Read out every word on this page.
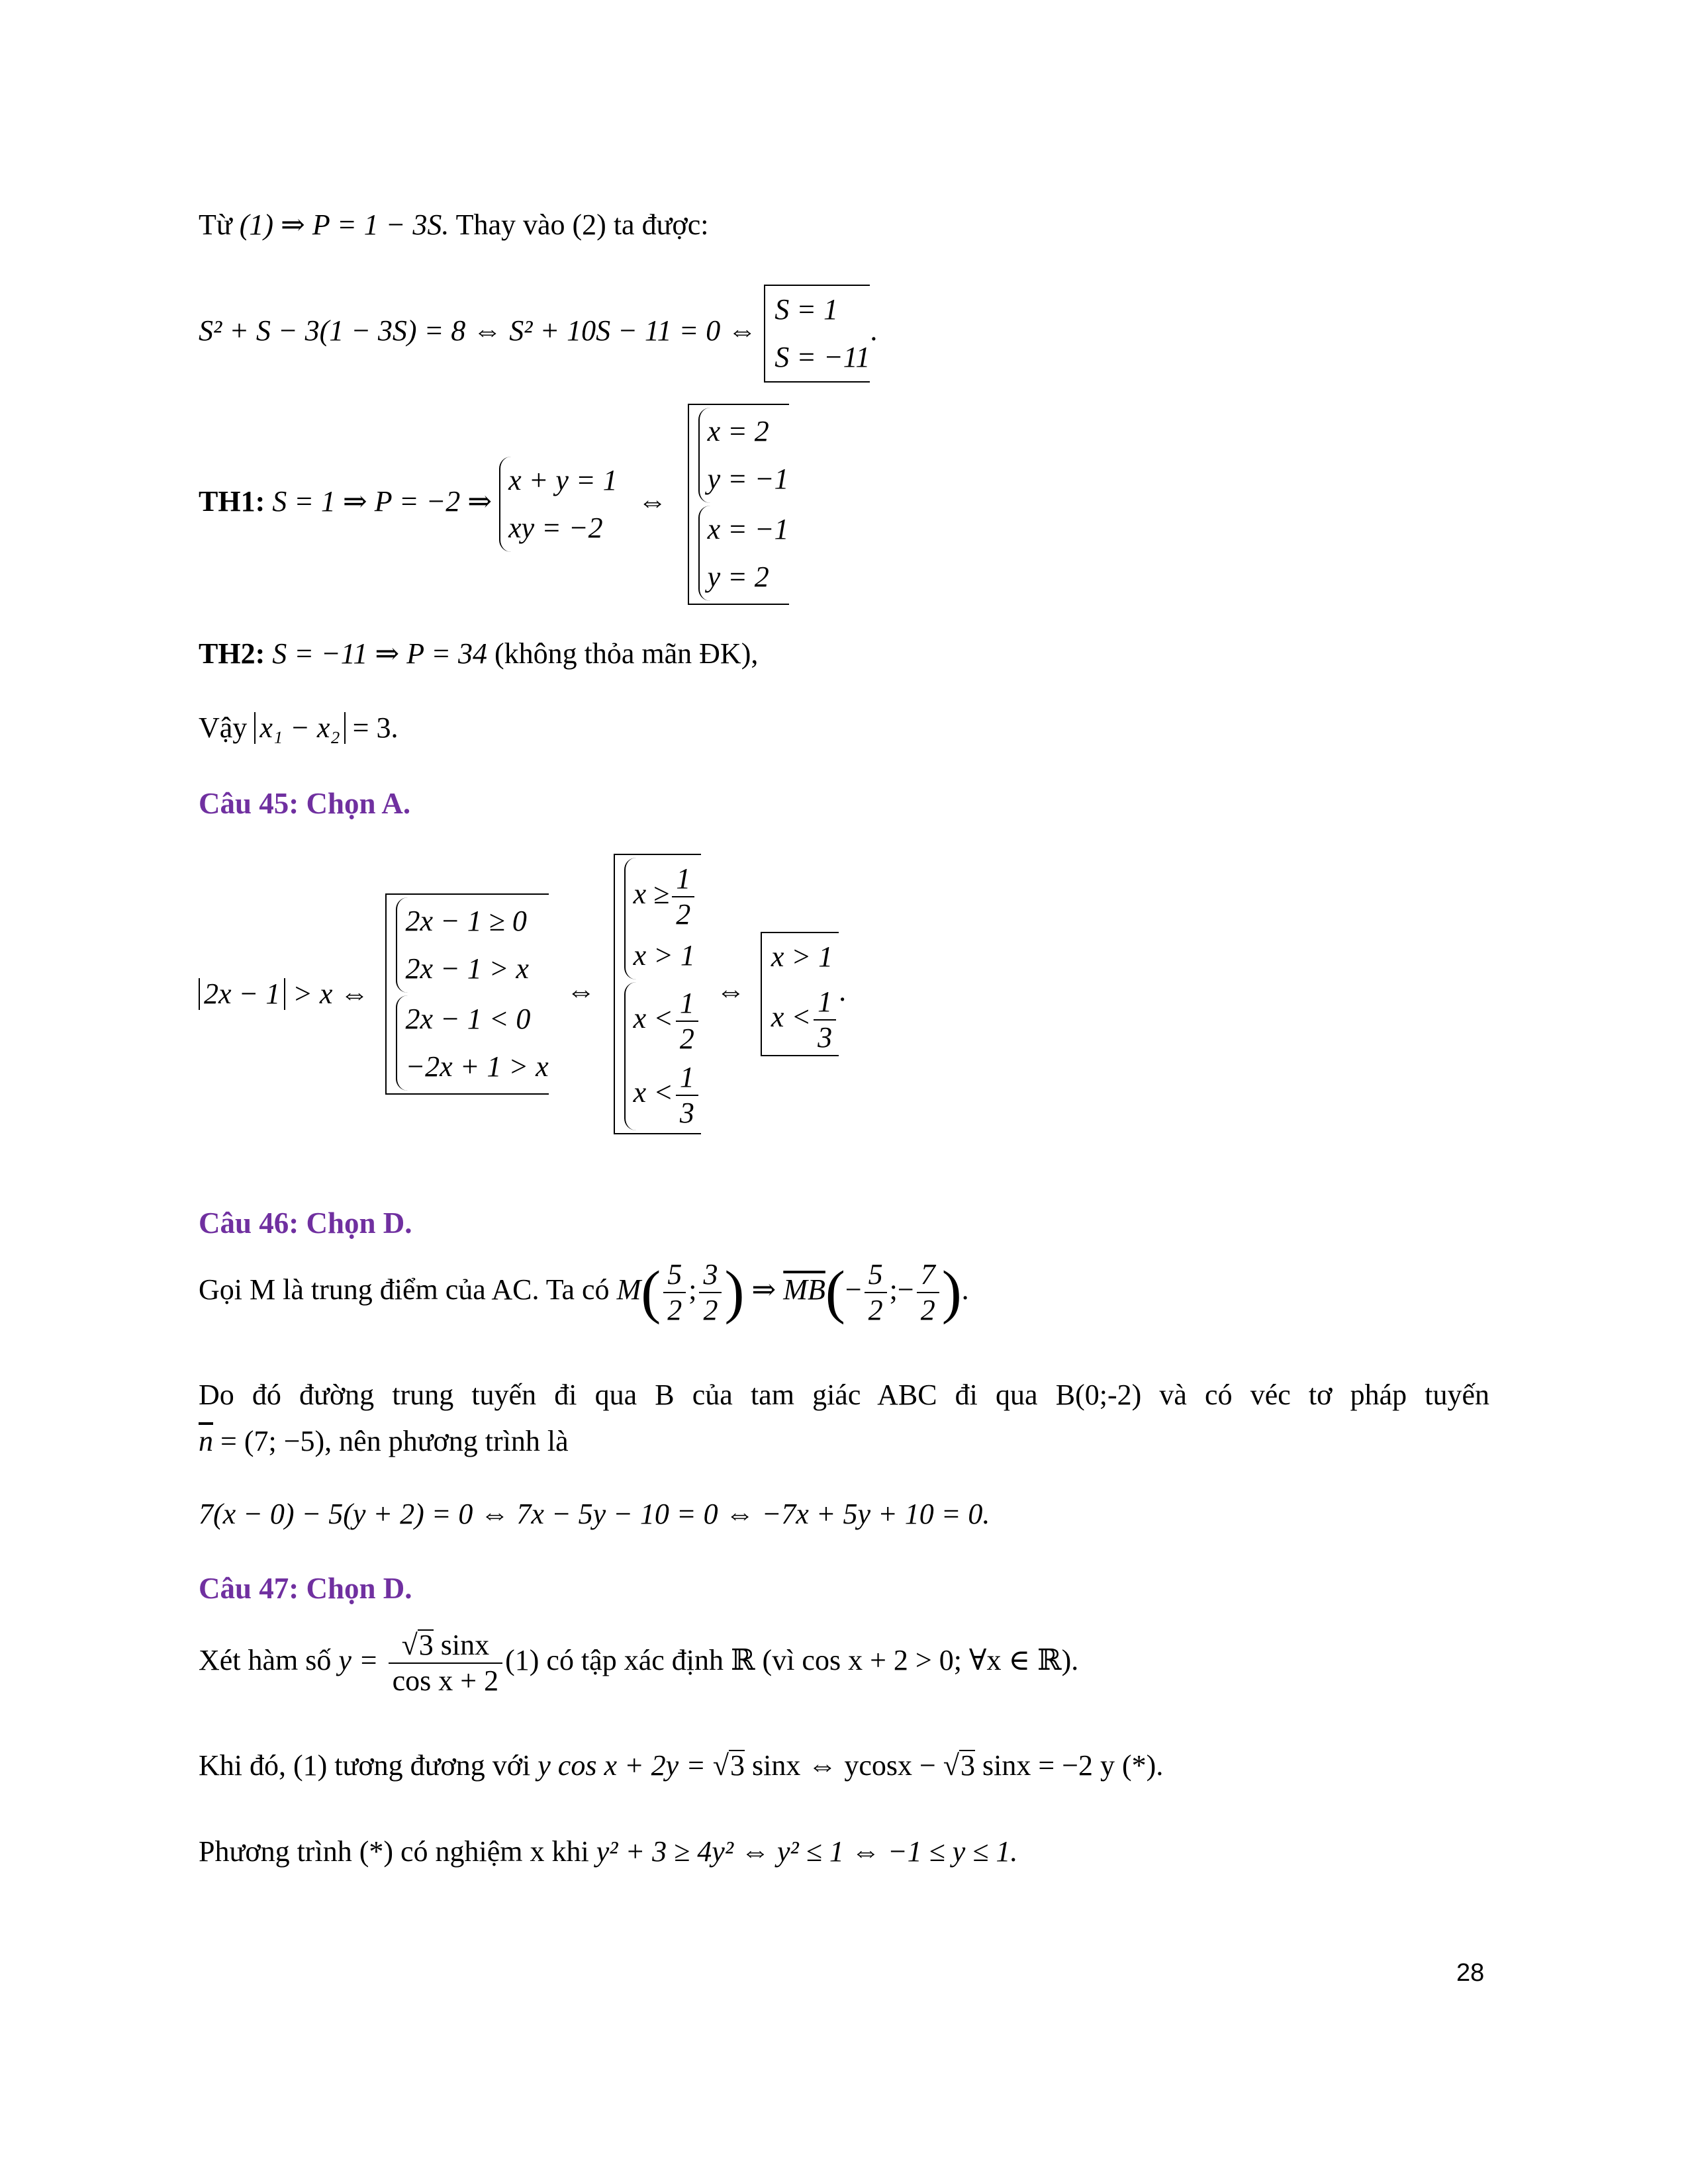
Từ (1) ⇒ P = 1 − 3S. Thay vào (2) ta được:
S² + S − 3(1 − 3S) = 8 ⇔ S² + 10S − 11 = 0 ⇔
S = 1
S = −11
.
TH1: S = 1 ⇒ P = −2 ⇒
x + y = 1
xy = −2
⇔
x = 2
y = −1
x = −1
y = 2
TH2: S = −11 ⇒ P = 34 (không thỏa mãn ĐK),
Vậy x₁ − x₂ = 3.
Câu 45: Chọn A.
2x − 1 > x ⇔
2x − 1 ≥ 0
2x − 1 > x
2x − 1 < 0
−2x + 1 > x
⇔
$x \ge \frac{1}{2}$
x > 1
$x < \frac{1}{2}$
$x < \frac{1}{3}$
⇔
x > 1
$x < \frac{1}{3}$ .
Câu 46: Chọn D.
Gọi M là trung điểm của AC. Ta có $M( \frac{5}{2}$ ; $\frac{3}{2}$ ) ⇒ $\overline{MB}(- \frac{5}{2}$ ;− $\frac{7}{2}$ ).
Do đó đường trung tuyến đi qua B của tam giác ABC đi qua B(0;-2) và có véc tơ pháp tuyến
$\overline{n} = (7$; −5), nên phương trình là
7(x − 0) − 5(y + 2) = 0 ⇔ 7x − 5y − 10 = 0 ⇔ −7x + 5y + 10 = 0.
Câu 47: Chọn D.
Xét hàm số $y = \frac{√3 \sin x}{\text{cos x + 2}} (1)$ có tập xác định ℝ (vì cos x + 2 > 0; ∀x ∈ ℝ).
Khi đó, (1) tương đương với y cos x + 2y = √3 sinx ⇔ ycosx − √3 sinx = −2 y (*).
Phương trình (*) có nghiệm x khi y² + 3 ≥ 4y² ⇔ y² ≤ 1 ⇔ −1 ≤ y ≤ 1.
28
